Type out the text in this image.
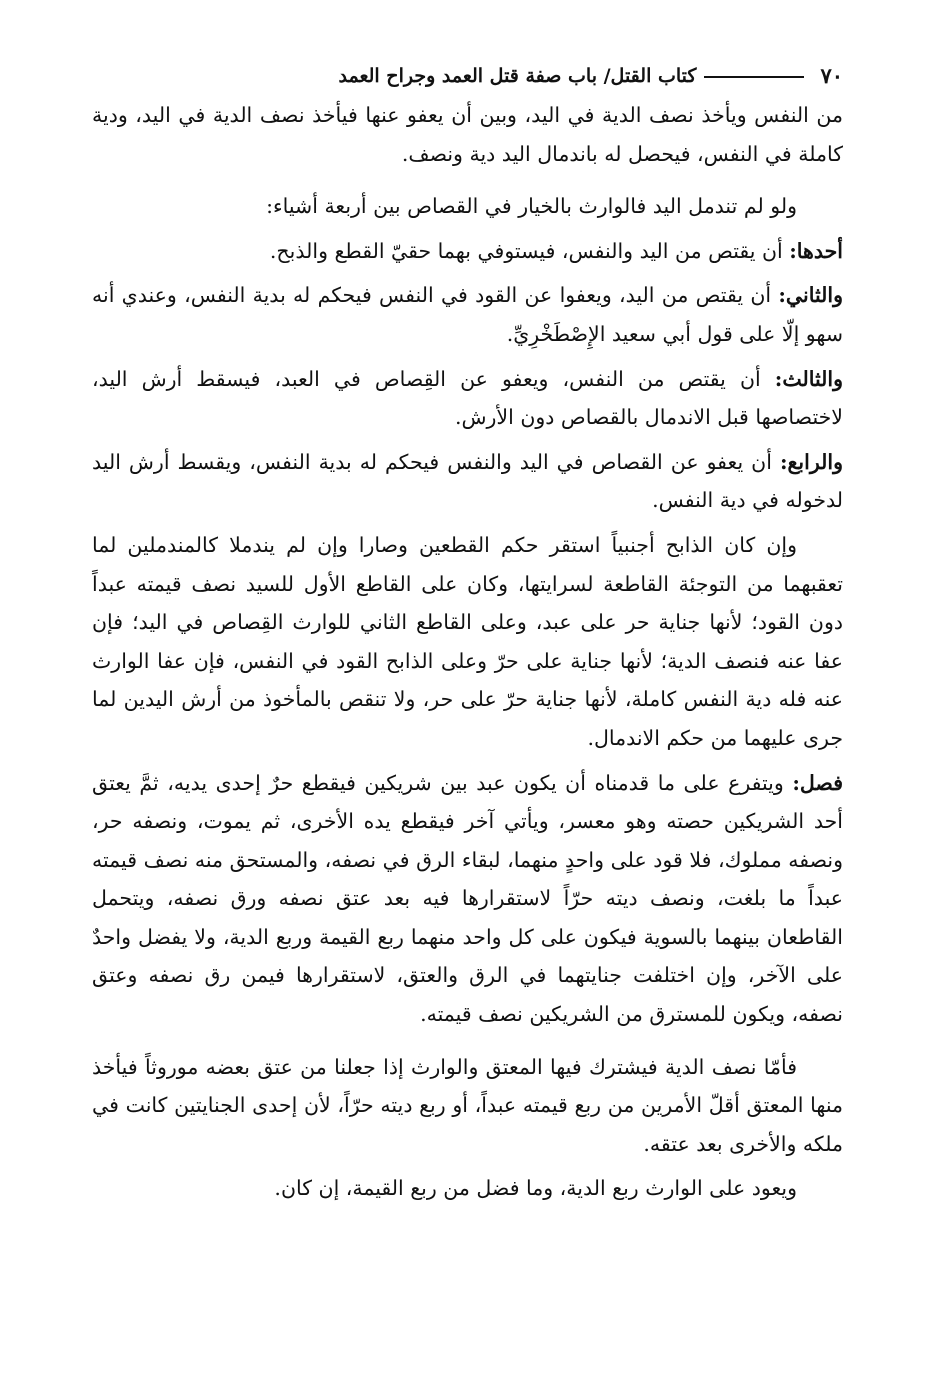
٧٠
كتاب القتل/ باب صفة قتل العمد وجراح العمد

من النفس ويأخذ نصف الدية في اليد، وبين أن يعفو عنها فيأخذ نصف الدية في اليد، ودية كاملة في النفس، فيحصل له باندمال اليد دية ونصف.

ولو لم تندمل اليد فالوارث بالخيار في القصاص بين أربعة أشياء:

أحدها: أن يقتص من اليد والنفس، فيستوفي بهما حقيّ القطع والذبح.

والثاني: أن يقتص من اليد، ويعفوا عن القود في النفس فيحكم له بدية النفس، وعندي أنه سهو إلّا على قول أبي سعيد الإِصْطَخْرِيِّ.

والثالث: أن يقتص من النفس، ويعفو عن القِصاص في العبد، فيسقط أرش اليد، لاختصاصها قبل الاندمال بالقصاص دون الأرش.

والرابع: أن يعفو عن القصاص في اليد والنفس فيحكم له بدية النفس، ويقسط أرش اليد لدخوله في دية النفس.

وإن كان الذابح أجنبياً استقر حكم القطعين وصارا وإن لم يندملا كالمندملين لما تعقبهما من التوجئة القاطعة لسرايتها، وكان على القاطع الأول للسيد نصف قيمته عبداً دون القود؛ لأنها جناية حر على عبد، وعلى القاطع الثاني للوارث القِصاص في اليد؛ فإن عفا عنه فنصف الدية؛ لأنها جناية على حرّ وعلى الذابح القود في النفس، فإن عفا الوارث عنه فله دية النفس كاملة، لأنها جناية حرّ على حر، ولا تنقص بالمأخوذ من أرش اليدين لما جرى عليهما من حكم الاندمال.

فصل: ويتفرع على ما قدمناه أن يكون عبد بين شريكين فيقطع حرٌ إحدى يديه، ثمَّ يعتق أحد الشريكين حصته وهو معسر، ويأتي آخر فيقطع يده الأخرى، ثم يموت، ونصفه حر، ونصفه مملوك، فلا قود على واحدٍ منهما، لبقاء الرق في نصفه، والمستحق منه نصف قيمته عبداً ما بلغت، ونصف ديته حرّاً لاستقرارها فيه بعد عتق نصفه ورق نصفه، ويتحمل القاطعان بينهما بالسوية فيكون على كل واحد منهما ربع القيمة وربع الدية، ولا يفضل واحدٌ على الآخر، وإن اختلفت جنايتهما في الرق والعتق، لاستقرارها فيمن رق نصفه وعتق نصفه، ويكون للمسترق من الشريكين نصف قيمته.

فأمّا نصف الدية فيشترك فيها المعتق والوارث إذا جعلنا من عتق بعضه موروثاً فيأخذ منها المعتق أقلّ الأمرين من ربع قيمته عبداً، أو ربع ديته حرّاً، لأن إحدى الجنايتين كانت في ملكه والأخرى بعد عتقه.

ويعود على الوارث ربع الدية، وما فضل من ربع القيمة، إن كان.
